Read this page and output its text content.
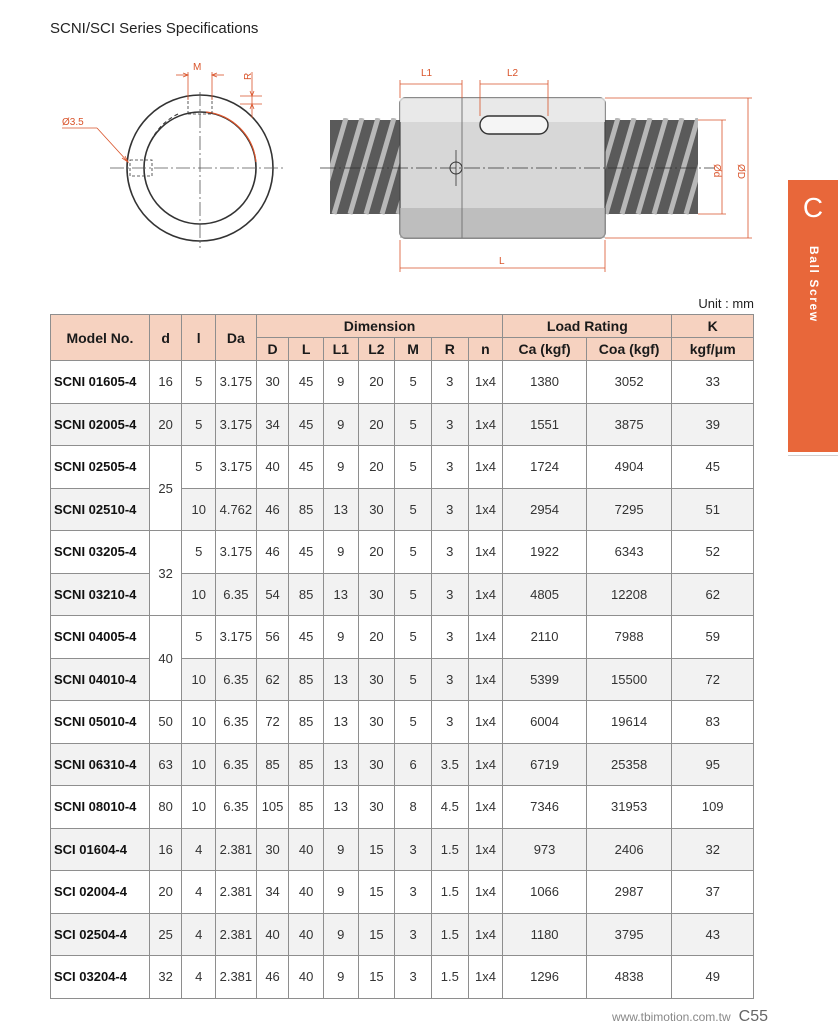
SCNI/SCI Series Specifications
M
R
Ø3.5
L1	L2
L
Ød ØD
C
Ball Screw
Unit : mm
Model No.	d	l	Da	Dimension							Load Rating		K
				D	L	L1	L2	M	R	n	Ca (kgf)	Coa (kgf)	kgf/μm
SCNI 01605-4	16	5	3.175	30	45	9	20	5	3	1x4	1380	3052	33
SCNI 02005-4	20	5	3.175	34	45	9	20	5	3	1x4	1551	3875	39
SCNI 02505-4	25	5	3.175	40	45	9	20	5	3	1x4	1724	4904	45
SCNI 02510-4		10	4.762	46	85	13	30	5	3	1x4	2954	7295	51
SCNI 03205-4	32	5	3.175	46	45	9	20	5	3	1x4	1922	6343	52
SCNI 03210-4		10	6.35	54	85	13	30	5	3	1x4	4805	12208	62
SCNI 04005-4	40	5	3.175	56	45	9	20	5	3	1x4	2110	7988	59
SCNI 04010-4		10	6.35	62	85	13	30	5	3	1x4	5399	15500	72
SCNI 05010-4	50	10	6.35	72	85	13	30	5	3	1x4	6004	19614	83
SCNI 06310-4	63	10	6.35	85	85	13	30	6	3.5	1x4	6719	25358	95
SCNI 08010-4	80	10	6.35	105	85	13	30	8	4.5	1x4	7346	31953	109
SCI 01604-4	16	4	2.381	30	40	9	15	3	1.5	1x4	973	2406	32
SCI 02004-4	20	4	2.381	34	40	9	15	3	1.5	1x4	1066	2987	37
SCI 02504-4	25	4	2.381	40	40	9	15	3	1.5	1x4	1180	3795	43
SCI 03204-4	32	4	2.381	46	40	9	15	3	1.5	1x4	1296	4838	49
www.tbimotion.com.tw C55
